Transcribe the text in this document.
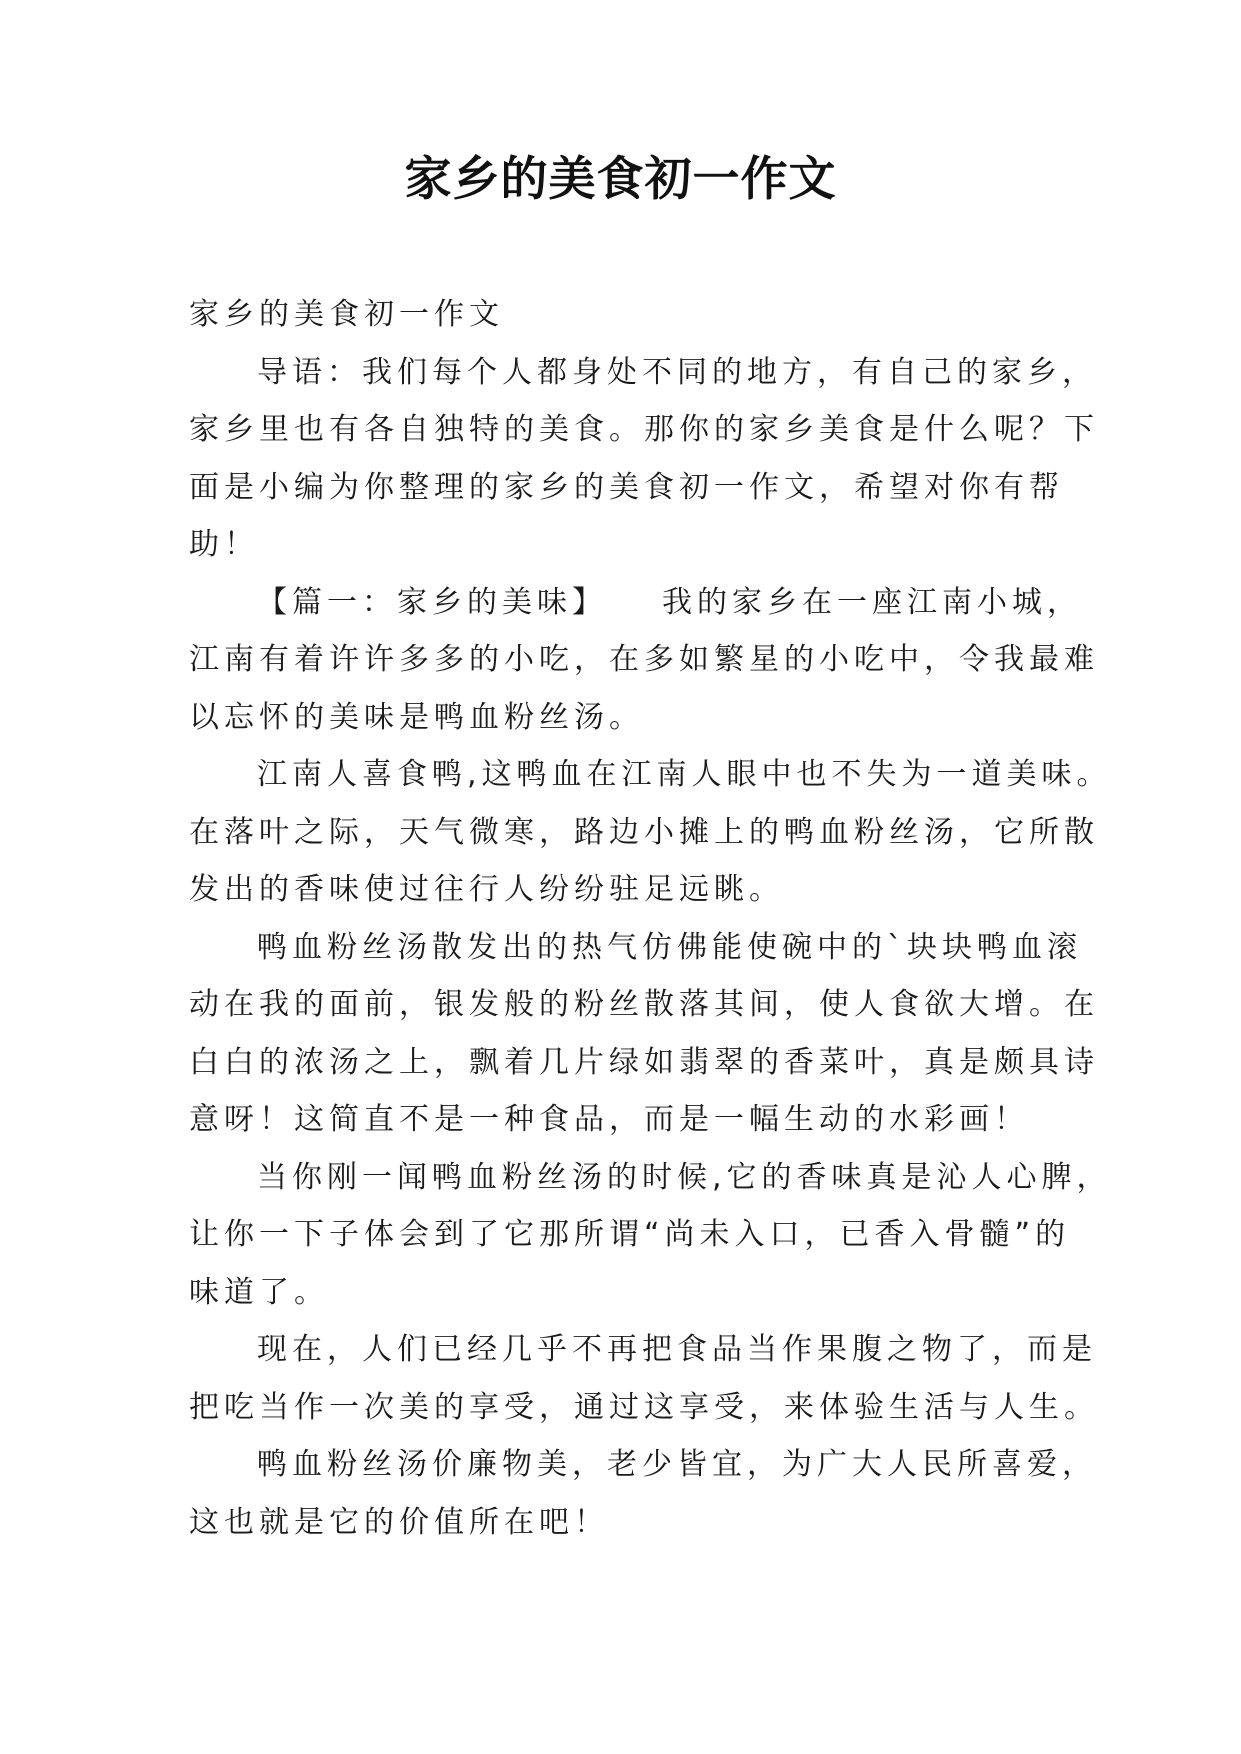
家乡的美食初一作文

家乡的美食初一作文

导语：我们每个人都身处不同的地方，有自己的家乡，
家乡里也有各自独特的美食。那你的家乡美食是什么呢？下
面是小编为你整理的家乡的美食初一作文，希望对你有帮
助！

【篇一：家乡的美味】　　我的家乡在一座江南小城，
江南有着许许多多的小吃，在多如繁星的小吃中，令我最难
以忘怀的美味是鸭血粉丝汤。

江南人喜食鸭,这鸭血在江南人眼中也不失为一道美味。
在落叶之际，天气微寒，路边小摊上的鸭血粉丝汤，它所散
发出的香味使过往行人纷纷驻足远眺。

鸭血粉丝汤散发出的热气仿佛能使碗中的`块块鸭血滚
动在我的面前，银发般的粉丝散落其间，使人食欲大增。在
白白的浓汤之上，飘着几片绿如翡翠的香菜叶，真是颇具诗
意呀！这简直不是一种食品，而是一幅生动的水彩画！

当你刚一闻鸭血粉丝汤的时候,它的香味真是沁人心脾，
让你一下子体会到了它那所谓“尚未入口，已香入骨髓”的
味道了。

现在，人们已经几乎不再把食品当作果腹之物了，而是
把吃当作一次美的享受，通过这享受，来体验生活与人生。

鸭血粉丝汤价廉物美，老少皆宜，为广大人民所喜爱，
这也就是它的价值所在吧！
